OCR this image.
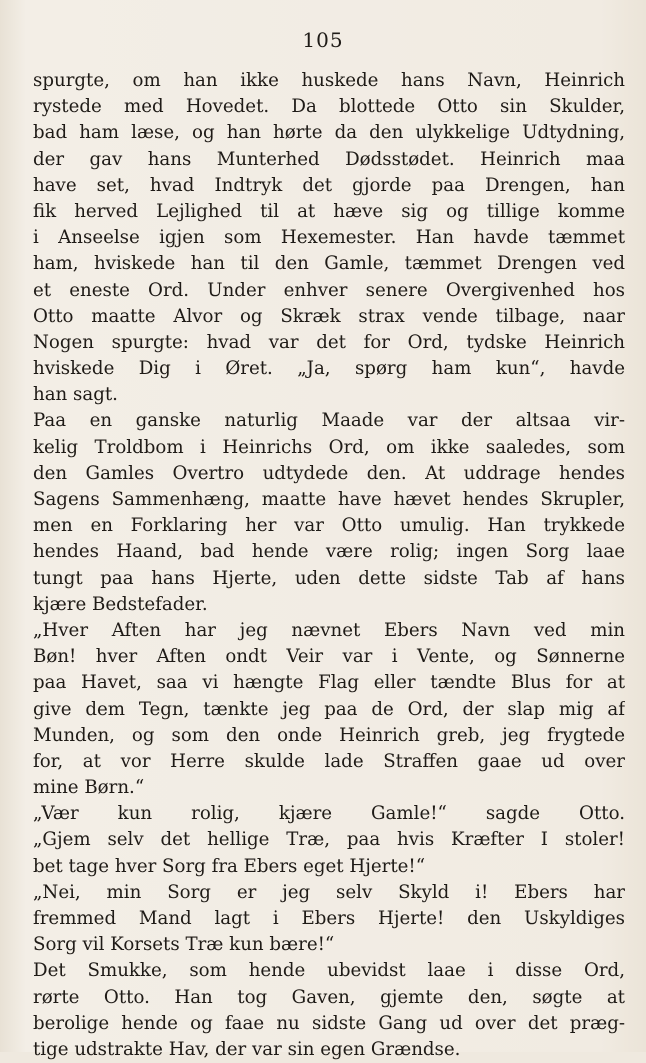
105
spurgte, om han ikke huskede hans Navn, Heinrich
rystede med Hovedet. Da blottede Otto sin Skulder,
bad ham læse, og han hørte da den ulykkelige Udtydning,
der gav hans Munterhed Dødsstødet. Heinrich maa
have set, hvad Indtryk det gjorde paa Drengen, han
fik herved Lejlighed til at hæve sig og tillige komme
i Anseelse igjen som Hexemester. Han havde tæmmet
ham, hviskede han til den Gamle, tæmmet Drengen ved
et eneste Ord. Under enhver senere Overgivenhed hos
Otto maatte Alvor og Skræk strax vende tilbage, naar
Nogen spurgte: hvad var det for Ord, tydske Heinrich
hviskede Dig i Øret. „Ja, spørg ham kun“, havde
han sagt.
Paa en ganske naturlig Maade var der altsaa vir-
kelig Troldbom i Heinrichs Ord, om ikke saaledes, som
den Gamles Overtro udtydede den. At uddrage hendes
Sagens Sammenhæng, maatte have hævet hendes Skrupler,
men en Forklaring her var Otto umulig. Han trykkede
hendes Haand, bad hende være rolig; ingen Sorg laae
tungt paa hans Hjerte, uden dette sidste Tab af hans
kjære Bedstefader.
„Hver Aften har jeg nævnet Ebers Navn ved min
Bøn! hver Aften ondt Veir var i Vente, og Sønnerne
paa Havet, saa vi hængte Flag eller tændte Blus for at
give dem Tegn, tænkte jeg paa de Ord, der slap mig af
Munden, og som den onde Heinrich greb, jeg frygtede
for, at vor Herre skulde lade Straffen gaae ud over
mine Børn.“
„Vær kun rolig, kjære Gamle!“ sagde Otto.
„Gjem selv det hellige Træ, paa hvis Kræfter I stoler!
bet tage hver Sorg fra Ebers eget Hjerte!“
„Nei, min Sorg er jeg selv Skyld i! Ebers har
fremmed Mand lagt i Ebers Hjerte! den Uskyldiges
Sorg vil Korsets Træ kun bære!“
Det Smukke, som hende ubevidst laae i disse Ord,
rørte Otto. Han tog Gaven, gjemte den, søgte at
berolige hende og faae nu sidste Gang ud over det præg-
tige udstrakte Hav, der var sin egen Grændse.
